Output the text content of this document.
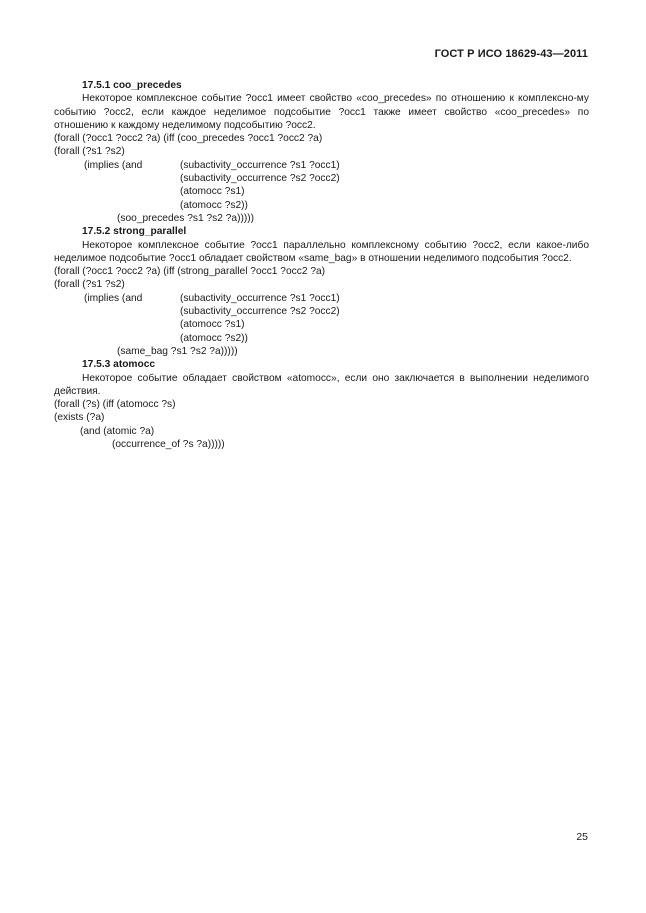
ГОСТ Р ИСО 18629-43—2011
17.5.1 coo_precedes
Некоторое комплексное событие ?occ1 имеет свойство «coo_precedes» по отношению к комплексно-му событию ?occ2, если каждое неделимое подсобытие ?occ1 также имеет свойство «coo_precedes» по отношению к каждому неделимому подсобытию ?occ2.
(forall (?occ1 ?occ2 ?a) (iff (coo_precedes ?occ1 ?occ2 ?a)
(forall (?s1 ?s2)
(implies (and	(subactivity_occurrence ?s1 ?occ1)
(subactivity_occurrence ?s2 ?occ2)
(atomocc ?s1)
(atomocc ?s2))
(soo_precedes ?s1 ?s2 ?a)))))
17.5.2 strong_parallel
Некоторое комплексное событие ?occ1 параллельно комплексному событию ?occ2, если какое-либо неделимое подсобытие ?occ1 обладает свойством «same_bag» в отношении неделимого подсобытия ?occ2.
(forall (?occ1 ?occ2 ?a) (iff (strong_parallel ?occ1 ?occ2 ?a)
(forall (?s1 ?s2)
(implies (and	(subactivity_occurrence ?s1 ?occ1)
(subactivity_occurrence ?s2 ?occ2)
(atomocc ?s1)
(atomocc ?s2))
(same_bag ?s1 ?s2 ?a)))))
17.5.3 atomocc
Некоторое событие обладает свойством «atomocc», если оно заключается в выполнении неделимого действия.
(forall (?s) (iff (atomocc ?s)
(exists (?a)
(and (atomic ?a)
(occurrence_of ?s ?a)))))
25
